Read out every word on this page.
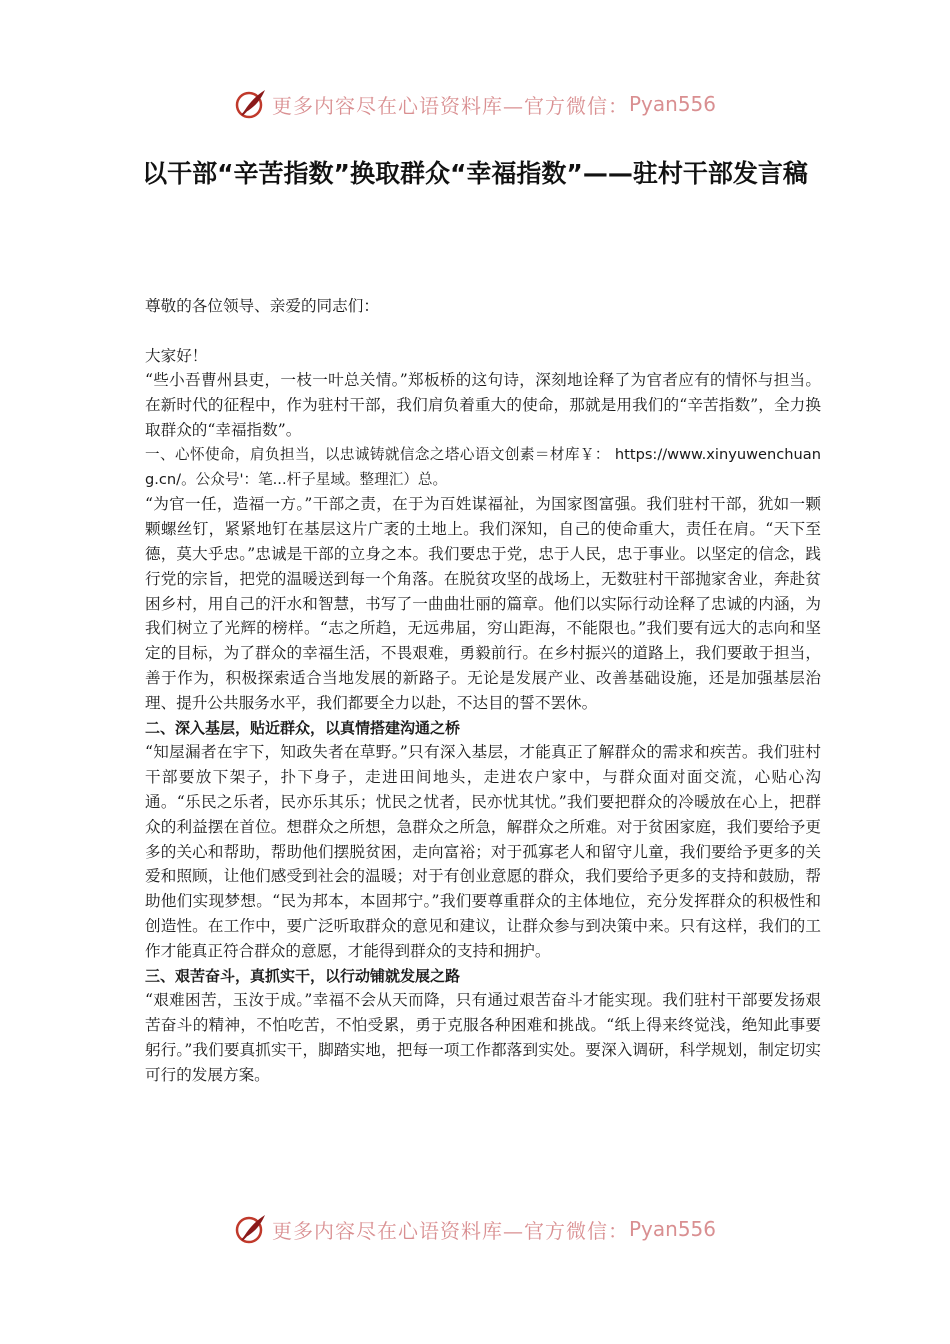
更多内容尽在心语资料库—官方微信： Pyan556
以干部“辛苦指数”换取群众“幸福指数”——驻村干部发言稿

尊敬的各位领导、亲爱的同志们：

大家好！

“些小吾曹州县吏，一枝一叶总关情。”郑板桥的这句诗，深刻地诠释了为官者应有的情怀与担当。在新时代的征程中，作为驻村干部，我们肩负着重大的使命，那就是用我们的“辛苦指数”，全力换取群众的“幸福指数”。

一、心怀使命，肩负担当，以忠诚铸就信念之塔心语文创素＝材库￥： https://www.xinyuwenchuang.cn/。公众号'：笔...杆子星域。整理汇）总。

“为官一任，造福一方。”干部之责，在于为百姓谋福祉，为国家图富强。我们驻村干部，犹如一颗颗螺丝钉，紧紧地钉在基层这片广袤的土地上。我们深知，自己的使命重大，责任在肩。“天下至德，莫大乎忠。”忠诚是干部的立身之本。我们要忠于党，忠于人民，忠于事业。以坚定的信念，践行党的宗旨，把党的温暖送到每一个角落。在脱贫攻坚的战场上，无数驻村干部抛家舍业，奔赴贫困乡村，用自己的汗水和智慧，书写了一曲曲壮丽的篇章。他们以实际行动诠释了忠诚的内涵，为我们树立了光辉的榜样。“志之所趋，无远弗届，穷山距海，不能限也。”我们要有远大的志向和坚定的目标，为了群众的幸福生活，不畏艰难，勇毅前行。在乡村振兴的道路上，我们要敢于担当，善于作为，积极探索适合当地发展的新路子。无论是发展产业、改善基础设施，还是加强基层治理、提升公共服务水平，我们都要全力以赴，不达目的誓不罢休。

二、深入基层，贴近群众，以真情搭建沟通之桥

“知屋漏者在宇下，知政失者在草野。”只有深入基层，才能真正了解群众的需求和疾苦。我们驻村干部要放下架子，扑下身子，走进田间地头，走进农户家中，与群众面对面交流，心贴心沟通。“乐民之乐者，民亦乐其乐；忧民之忧者，民亦忧其忧。”我们要把群众的冷暖放在心上，把群众的利益摆在首位。想群众之所想，急群众之所急，解群众之所难。对于贫困家庭，我们要给予更多的关心和帮助，帮助他们摆脱贫困，走向富裕；对于孤寡老人和留守儿童，我们要给予更多的关爱和照顾，让他们感受到社会的温暖；对于有创业意愿的群众，我们要给予更多的支持和鼓励，帮助他们实现梦想。“民为邦本，本固邦宁。”我们要尊重群众的主体地位，充分发挥群众的积极性和创造性。在工作中，要广泛听取群众的意见和建议，让群众参与到决策中来。只有这样，我们的工作才能真正符合群众的意愿，才能得到群众的支持和拥护。

三、艰苦奋斗，真抓实干，以行动铺就发展之路

“艰难困苦，玉汝于成。”幸福不会从天而降，只有通过艰苦奋斗才能实现。我们驻村干部要发扬艰苦奋斗的精神，不怕吃苦，不怕受累，勇于克服各种困难和挑战。“纸上得来终觉浅，绝知此事要躬行。”我们要真抓实干，脚踏实地，把每一项工作都落到实处。要深入调研，科学规划，制定切实可行的发展方案。

更多内容尽在心语资料库—官方微信： Pyan556
